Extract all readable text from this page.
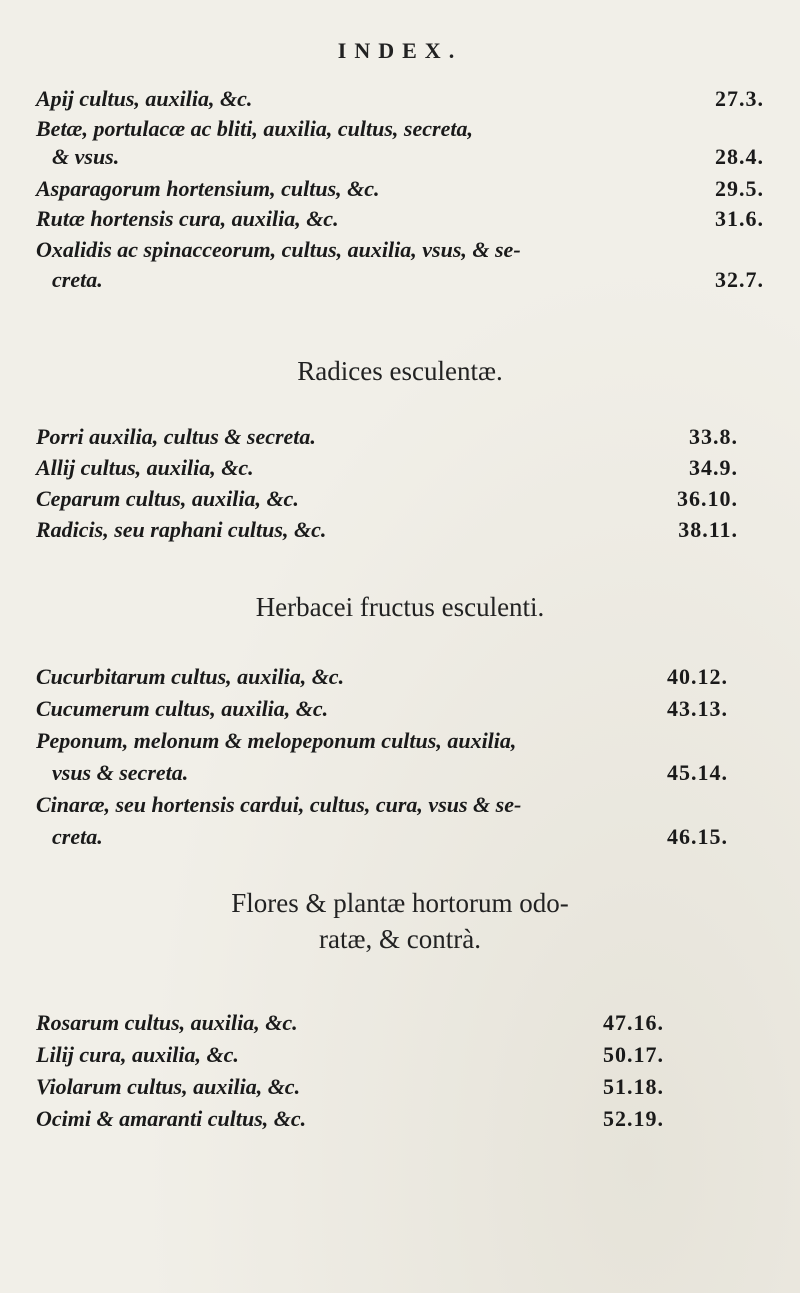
INDEX.
Apij cultus, auxilia, &c.	27.3.
Betæ, portulacæ ac bliti, auxilia, cultus, secreta,
& vsus.	28.4.
Asparagorum hortensium, cultus, &c.	29.5.
Rutæ hortensis cura, auxilia, &c.	31.6.
Oxalidis ac spinacceorum, cultus, auxilia, vsus, & se-
creta.	32.7.
Radices esculentæ.
Porri auxilia, cultus & secreta.	33.8.
Allij cultus, auxilia, &c.	34.9.
Ceparum cultus, auxilia, &c.	36.10.
Radicis, seu raphani cultus, &c.	38.11.
Herbacei fructus esculenti.
Cucurbitarum cultus, auxilia, &c.	40.12.
Cucumerum cultus, auxilia, &c.	43.13.
Peponum, melonum & melopeponum cultus, auxilia,
vsus & secreta.	45.14.
Cinaræ, seu hortensis cardui, cultus, cura, vsus & se-
creta.	46.15.
Flores & plantæ hortorum odo-
ratæ, & contrà.
Rosarum cultus, auxilia, &c.	47.16.
Lilij cura, auxilia, &c.	50.17.
Violarum cultus, auxilia, &c.	51.18.
Ocimi & amaranti cultus, &c.	52.19.
